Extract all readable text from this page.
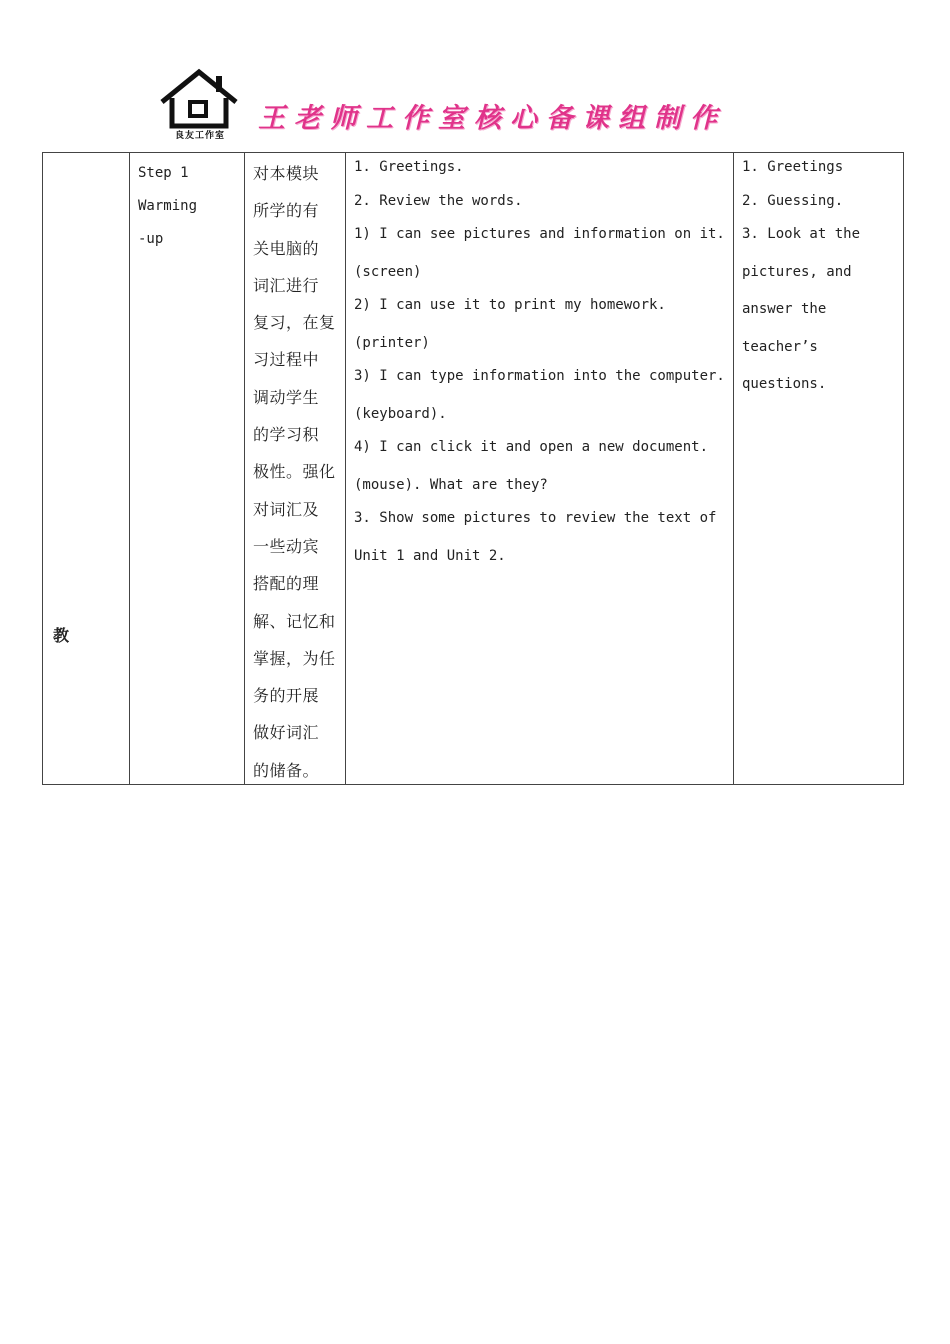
良友工作室
王老师工作室核心备课组制作
教
Step 1
Warming
-up
对本模块
所学的有
关电脑的
词汇进行
复习，在复
习过程中
调动学生
的学习积
极性。强化
对词汇及
一些动宾
搭配的理
解、记忆和
掌握，为任
务的开展
做好词汇
的储备。
1. Greetings.
2. Review the words.
1) I can see pictures and information on it.
(screen)
2) I can use it to print my homework.
(printer)
3) I can type information into the computer.
(keyboard).
4) I can click it and open a new document.
(mouse). What are they?
3. Show some pictures to review the text of
Unit 1 and Unit 2.
1. Greetings
2. Guessing.
3. Look at the
pictures, and
answer the
teacher’s
questions.
